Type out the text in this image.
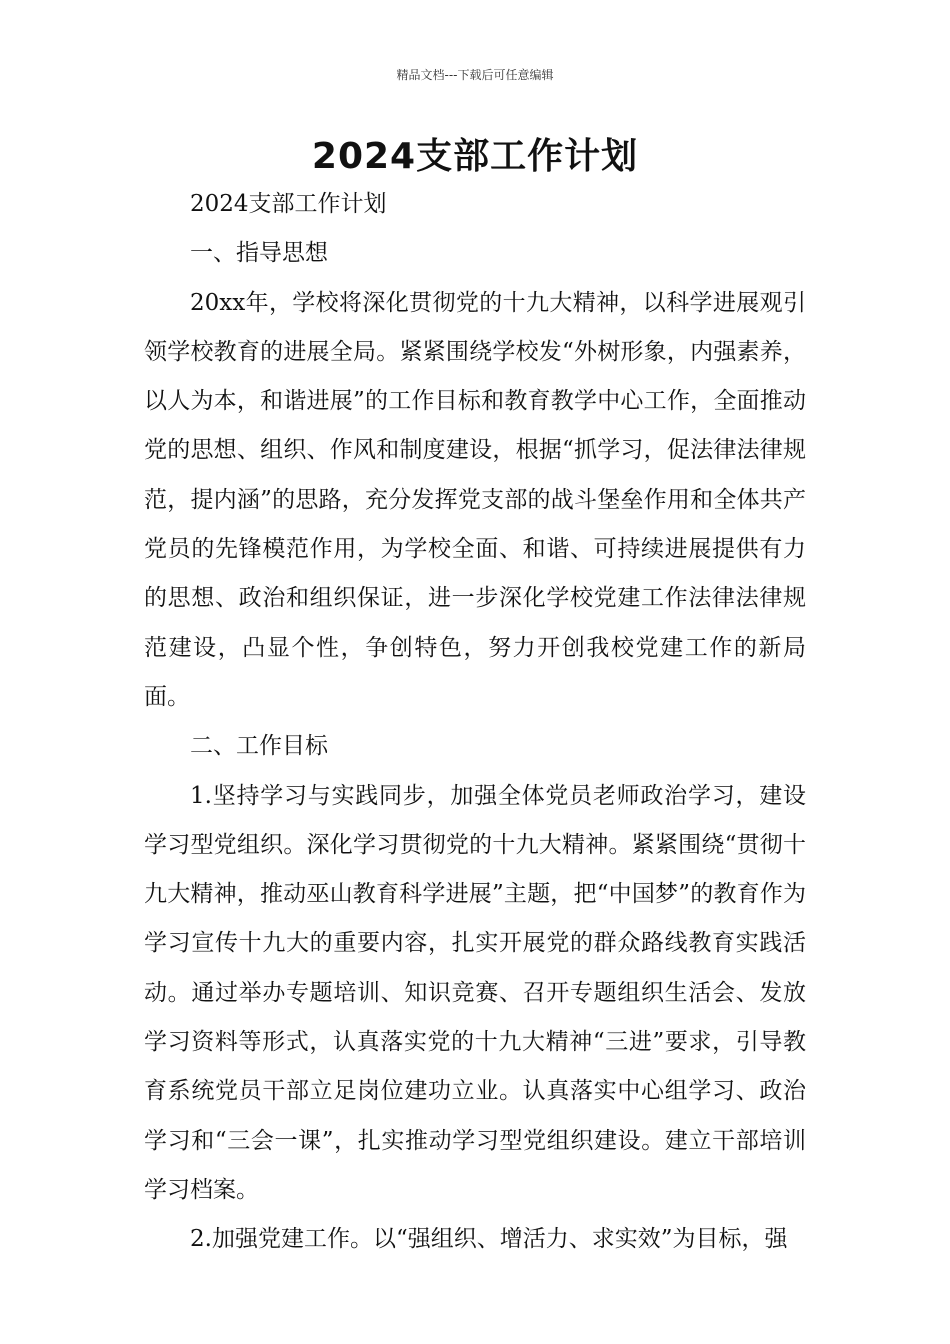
精品文档---下载后可任意编辑
2024支部工作计划

2024支部工作计划

一、指导思想

20xx年，学校将深化贯彻党的十九大精神，以科学进展观引领学校教育的进展全局。紧紧围绕学校发“外树形象，内强素养，以人为本，和谐进展”的工作目标和教育教学中心工作，全面推动党的思想、组织、作风和制度建设，根据“抓学习，促法律法律规范，提内涵”的思路，充分发挥党支部的战斗堡垒作用和全体共产党员的先锋模范作用，为学校全面、和谐、可持续进展提供有力的思想、政治和组织保证，进一步深化学校党建工作法律法律规范建设，凸显个性，争创特色，努力开创我校党建工作的新局面。

二、工作目标

1.坚持学习与实践同步，加强全体党员老师政治学习，建设学习型党组织。深化学习贯彻党的十九大精神。紧紧围绕“贯彻十九大精神，推动巫山教育科学进展”主题，把“中国梦”的教育作为学习宣传十九大的重要内容，扎实开展党的群众路线教育实践活动。通过举办专题培训、知识竞赛、召开专题组织生活会、发放学习资料等形式，认真落实党的十九大精神“三进”要求，引导教育系统党员干部立足岗位建功立业。认真落实中心组学习、政治学习和“三会一课”，扎实推动学习型党组织建设。建立干部培训学习档案。

2.加强党建工作。以“强组织、增活力、求实效”为目标，强
